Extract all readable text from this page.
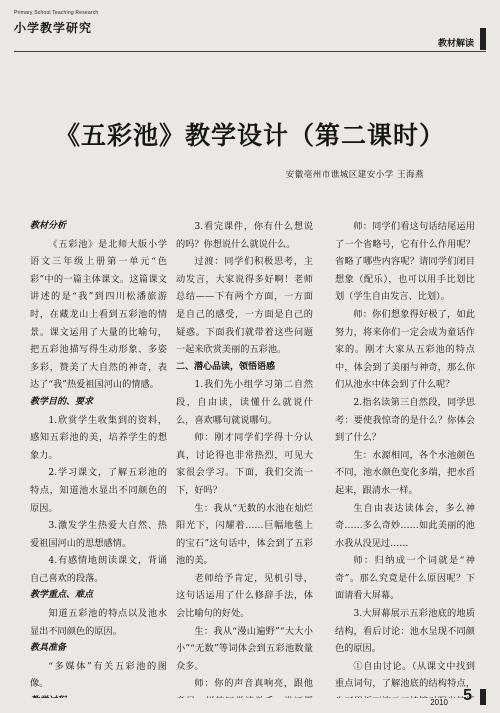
Primary School Teaching Research
小学教学研究
教材解读
《五彩池》教学设计（第二课时）
安徽亳州市谯城区建安小学 王海燕

教材分析

《五彩池》是北师大版小学语文三年级上册第一单元“色彩”中的一篇主体课文。这篇课文讲述的是“我”到四川松潘旅游时，在藏龙山上看到五彩池的情景。课文运用了大量的比喻句，把五彩池描写得生动形象、多姿多彩，赞美了大自然的神奇，表达了“我”热爱祖国河山的情感。

教学目的、要求

1.欣赏学生收集到的资料，感知五彩池的美，培养学生的想象力。

2.学习课文，了解五彩池的特点，知道池水显出不同颜色的原因。

3.激发学生热爱大自然、热爱祖国河山的思想感情。

4.有感情地朗读课文，背诵自己喜欢的段落。

教学重点、难点

知道五彩池的特点以及池水显出不同颜色的原因。

教具准备

“多媒体”有关五彩池的图像。

3.看完课件，你有什么想说的吗？你想说什么就说什么。

过渡：同学们积极思考，主动发言，大家说得多好啊！老师总结——下有两个方面，一方面是自己的感受，一方面是自己的疑惑。下面我们就带着这些问题一起来欣赏美丽的五彩池。

二、潜心品读，领悟语感

1.我们先小组学习第二自然段，自由读，读懂什么就说什么，喜欢哪句就说哪句。

师：刚才同学们学得十分认真，讨论得也非常热烈，可见大家很会学习。下面，我们交流一下，好吗？

生：我从“无数的水池在灿烂阳光下，闪耀着……巨幅地毯上的宝石”这句话中，体会到了五彩池的美。

老师给予肯定，见机引导，这句话运用了什么修辞手法，体会比喻句的好处。

生：我从“漫山遍野”“大大小小”“无数”等词体会到五彩池数量众多。

师：你的声音真响亮，跟他

师：同学们看这句话结尾运用了一个省略号，它有什么作用呢？省略了哪些内容呢？请同学们闭目想象（配乐），也可以用手比划比划（学生自由发言、比划）。

师：你们想象得好极了，如此努力，将来你们一定会成为童话作家的。刚才大家从五彩池的特点中，体会到了美丽与神奇，那么你们从池水中体会到了什么呢？

2.指名读第三自然段，同学思考：要使我惊奇的是什么？你体会到了什么？

生：水源相同，各个水池颜色不同，池水颜色变化多端，把水舀起来，跟清水一样。

生自由表达读体会，多么神奇……多么奇妙……如此美丽的池水我从没见过……

师：归纳成一个词就是“神奇”。那么究竟是什么原因呢？下面请看大屏幕。

3.大屏幕展示五彩池底的地质结构，看后讨论：池水呈现不同颜色的原因。

①自由讨论。（从课文中找到重点词句，了解池底的结构特点，

2010 5
